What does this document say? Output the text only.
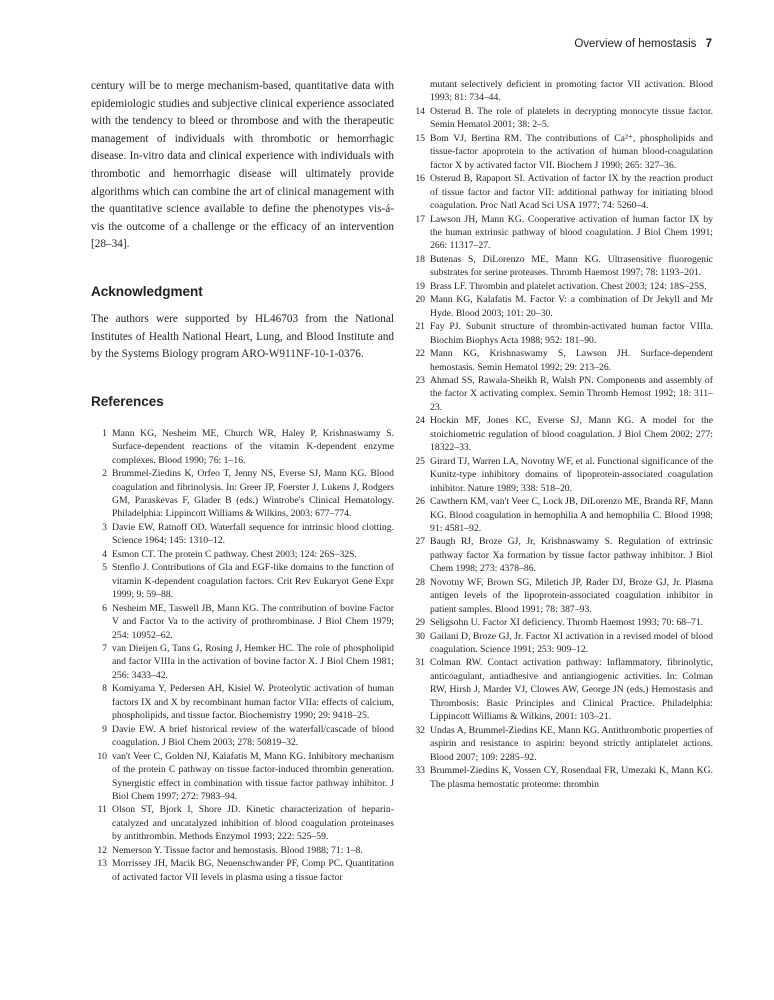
Overview of hemostasis 7

century will be to merge mechanism-based, quantitative data with epidemiologic studies and subjective clinical experience associated with the tendency to bleed or thrombose and with the therapeutic management of individuals with thrombotic or hemorrhagic disease. In-vitro data and clinical experience with individuals with thrombotic and hemorrhagic disease will ultimately provide algorithms which can combine the art of clinical management with the quantitative science available to define the phenotypes vis-á-vis the outcome of a challenge or the efficacy of an intervention [28–34].

Acknowledgment

The authors were supported by HL46703 from the National Institutes of Health National Heart, Lung, and Blood Institute and by the Systems Biology program ARO-W911NF-10-1-0376.

References
1 Mann KG, Nesheim ME, Church WR, Haley P, Krishnaswamy S. Surface-dependent reactions of the vitamin K-dependent enzyme complexes. Blood 1990; 76: 1–16.
2 Brummel-Ziedins K, Orfeo T, Jenny NS, Everse SJ, Mann KG. Blood coagulation and fibrinolysis. In: Greer JP, Foerster J, Lukens J, Rodgers GM, Paraskevas F, Glader B (eds.) Wintrobe's Clinical Hematology. Philadelphia: Lippincott Williams & Wilkins, 2003: 677–774.
3 Davie EW, Ratnoff OD. Waterfall sequence for intrinsic blood clotting. Science 1964; 145: 1310–12.
4 Esmon CT. The protein C pathway. Chest 2003; 124: 26S–32S.
5 Stenflo J. Contributions of Gla and EGF-like domains to the function of vitamin K-dependent coagulation factors. Crit Rev Eukaryot Gene Expr 1999; 9: 59–88.
6 Nesheim ME, Taswell JB, Mann KG. The contribution of bovine Factor V and Factor Va to the activity of prothrombinase. J Biol Chem 1979; 254: 10952–62.
7 van Dieijen G, Tans G, Rosing J, Hemker HC. The role of phospholipid and factor VIIIa in the activation of bovine factor X. J Biol Chem 1981; 256: 3433–42.
8 Komiyama Y, Pedersen AH, Kisiel W. Proteolytic activation of human factors IX and X by recombinant human factor VIIa: effects of calcium, phospholipids, and tissue factor. Biochemistry 1990; 29: 9418–25.
9 Davie EW. A brief historical review of the waterfall/cascade of blood coagulation. J Biol Chem 2003; 278: 50819–32.
10 van't Veer C, Golden NJ, Kalafatis M, Mann KG. Inhibitory mechanism of the protein C pathway on tissue factor-induced thrombin generation. Synergistic effect in combination with tissue factor pathway inhibitor. J Biol Chem 1997; 272: 7983–94.
11 Olson ST, Bjork I, Shore JD. Kinetic characterization of heparin-catalyzed and uncatalyzed inhibition of blood coagulation proteinases by antithrombin. Methods Enzymol 1993; 222: 525–59.
12 Nemerson Y. Tissue factor and hemostasis. Blood 1988; 71: 1–8.
13 Morrissey JH, Macik BG, Neuenschwander PF, Comp PC. Quantitation of activated factor VII levels in plasma using a tissue factor
mutant selectively deficient in promoting factor VII activation. Blood 1993; 81: 734–44.
14 Osterud B. The role of platelets in decrypting monocyte tissue factor. Semin Hematol 2001; 38: 2–5.
15 Bom VJ, Bertina RM. The contributions of Ca²⁺, phospholipids and tissue-factor apoprotein to the activation of human blood-coagulation factor X by activated factor VII. Biochem J 1990; 265: 327–36.
16 Osterud B, Rapaport SI. Activation of factor IX by the reaction product of tissue factor and factor VII: additional pathway for initiating blood coagulation. Proc Natl Acad Sci USA 1977; 74: 5260–4.
17 Lawson JH, Mann KG. Cooperative activation of human factor IX by the human extrinsic pathway of blood coagulation. J Biol Chem 1991; 266: 11317–27.
18 Butenas S, DiLorenzo ME, Mann KG. Ultrasensitive fluorogenic substrates for serine proteases. Thromb Haemost 1997; 78: 1193–201.
19 Brass LF. Thrombin and platelet activation. Chest 2003; 124: 18S–25S.
20 Mann KG, Kalafatis M. Factor V: a combination of Dr Jekyll and Mr Hyde. Blood 2003; 101: 20–30.
21 Fay PJ. Subunit structure of thrombin-activated human factor VIIIa. Biochim Biophys Acta 1988; 952: 181–90.
22 Mann KG, Krishnaswamy S, Lawson JH. Surface-dependent hemostasis. Semin Hematol 1992; 29: 213–26.
23 Ahmad SS, Rawala-Sheikh R, Walsh PN. Components and assembly of the factor X activating complex. Semin Thromb Hemost 1992; 18: 311–23.
24 Hockin MF, Jones KC, Everse SJ, Mann KG. A model for the stoichiometric regulation of blood coagulation. J Biol Chem 2002; 277: 18322–33.
25 Girard TJ, Warren LA, Novotny WF, et al. Functional significance of the Kunitz-type inhibitory domains of lipoprotein-associated coagulation inhibitor. Nature 1989; 338: 518–20.
26 Cawthern KM, van't Veer C, Lock JB, DiLorenzo ME, Branda RF, Mann KG. Blood coagulation in hemophilia A and hemophilia C. Blood 1998; 91: 4581–92.
27 Baugh RJ, Broze GJ, Jr, Krishnaswamy S. Regulation of extrinsic pathway factor Xa formation by tissue factor pathway inhibitor. J Biol Chem 1998; 273: 4378–86.
28 Novotny WF, Brown SG, Miletich JP, Rader DJ, Broze GJ, Jr. Plasma antigen levels of the lipoprotein-associated coagulation inhibitor in patient samples. Blood 1991; 78: 387–93.
29 Seligsohn U. Factor XI deficiency. Thromb Haemost 1993; 70: 68–71.
30 Gailani D, Broze GJ, Jr. Factor XI activation in a revised model of blood coagulation. Science 1991; 253: 909–12.
31 Colman RW. Contact activation pathway: Inflammatory, fibrinolytic, anticoagulant, antiadhesive and antiangiogenic activities. In: Colman RW, Hirsh J, Marder VJ, Clowes AW, George JN (eds.) Hemostasis and Thrombosis: Basic Principles and Clinical Practice. Philadelphia: Lippincott Williams & Wilkins, 2001: 103–21.
32 Undas A, Brummel-Ziedins KE, Mann KG. Antithrombotic properties of aspirin and resistance to aspirin: beyond strictly antiplatelet actions. Blood 2007; 109: 2285–92.
33 Brummel-Ziedins K, Vossen CY, Rosendaal FR, Umezaki K, Mann KG. The plasma hemostatic proteome: thrombin
